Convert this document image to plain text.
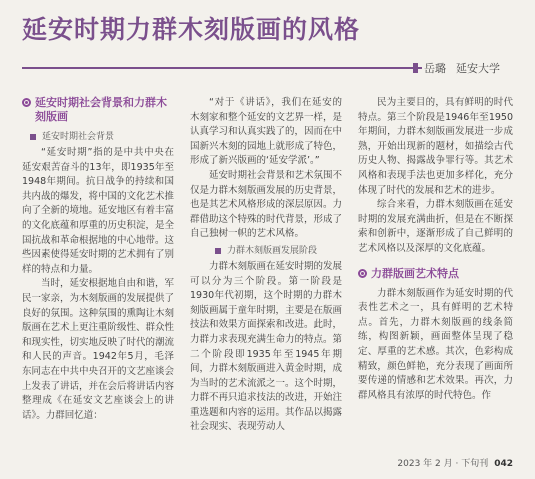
延安时期力群木刻版画的风格
岳璐 延安大学
延安时期社会背景和力群木刻版画
延安时期社会背景

“延安时期”指的是中共中央在延安艰苦奋斗的13年，即1935年至1948年期间。抗日战争的持续和国共内战的爆发，将中国的文化艺术推向了全新的境地。延安地区有着丰富的文化底蕴和厚重的历史积淀，是全国抗战和革命根据地的中心地带。这些因素使得延安时期的艺术拥有了别样的特点和力量。

当时，延安根据地自由和谐，军民一家亲，为木刻版画的发展提供了良好的氛围。这种氛围的熏陶让木刻版画在艺术上更注重阶级性、群众性和现实性，切实地反映了时代的潮流和人民的声音。1942年5月，毛泽东同志在中共中央召开的文艺座谈会上发表了讲话，并在会后将讲话内容整理成《在延安文艺座谈会上的讲话》。力群回忆道：

“对于《讲话》，我们在延安的木刻家和整个延安的文艺界一样，是认真学习和认真实践了的，因而在中国新兴木刻的园地上就形成了特色，形成了新兴版画的‘延安学派’。”

延安时期社会背景和艺术氛围不仅是力群木刻版画发展的历史背景，也是其艺术风格形成的深层原因。力群借助这个特殊的时代背景，形成了自己独树一帜的艺术风格。

力群木刻版画发展阶段

力群木刻版画在延安时期的发展可以分为三个阶段。第一阶段是1930年代初期，这个时期的力群木刻版画属于童年时期，主要是在版画技法和效果方面探索和改进。此时，力群力求表现充满生命力的特点。第二个阶段即1935年至1945年期间，力群木刻版画进入黄金时期，成为当时的艺术流派之一。这个时期，力群不再只追求技法的改进，开始注重选题和内容的运用。其作品以揭露社会现实、表现劳动人

民为主要目的，具有鲜明的时代特点。第三个阶段是1946年至1950年期间，力群木刻版画发展进一步成熟，开始出现新的题材，如描绘古代历史人物、揭露战争罪行等。其艺术风格和表现手法也更加多样化，充分体现了时代的发展和艺术的进步。

综合来看，力群木刻版画在延安时期的发展充满曲折，但是在不断探索和创新中，逐渐形成了自己鲜明的艺术风格以及深厚的文化底蕴。

力群版画艺术特点

力群木刻版画作为延安时期的代表性艺术之一，具有鲜明的艺术特点。首先，力群木刻版画的线条简练，构图新颖，画面整体呈现了稳定、厚重的艺术感。其次，色彩构成精致，颜色鲜艳，充分表现了画面所要传递的情感和艺术效果。再次，力群风格具有浓厚的时代特色。作

2023 年 2 月 · 下旬刊 042
